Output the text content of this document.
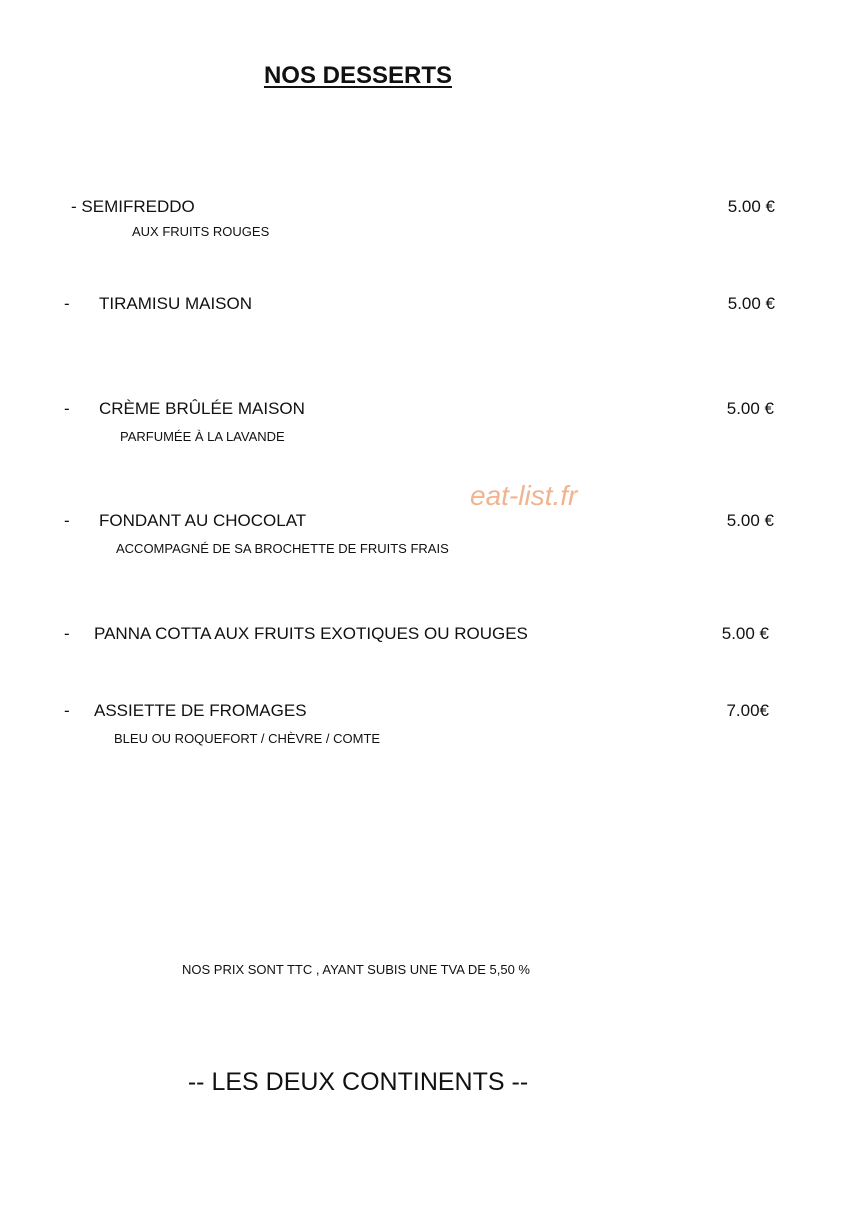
NOS DESSERTS
- SEMIFREDDO
AUX FRUITS ROUGES
5.00 €
- TIRAMISU MAISON	5.00 €
- CRÈME BRÛLÉE MAISON
PARFUMÉE À LA LAVANDE
5.00 €
- FONDANT AU CHOCOLAT
ACCOMPAGNÉ DE SA BROCHETTE DE FRUITS FRAIS
5.00 €
- PANNA COTTA AUX FRUITS EXOTIQUES OU ROUGES	5.00 €
- ASSIETTE DE FROMAGES
BLEU OU ROQUEFORT / CHÈVRE / COMTE
7.00€
eat-list.fr
NOS PRIX SONT TTC , AYANT SUBIS UNE TVA DE 5,50 %
-- LES DEUX CONTINENTS --
